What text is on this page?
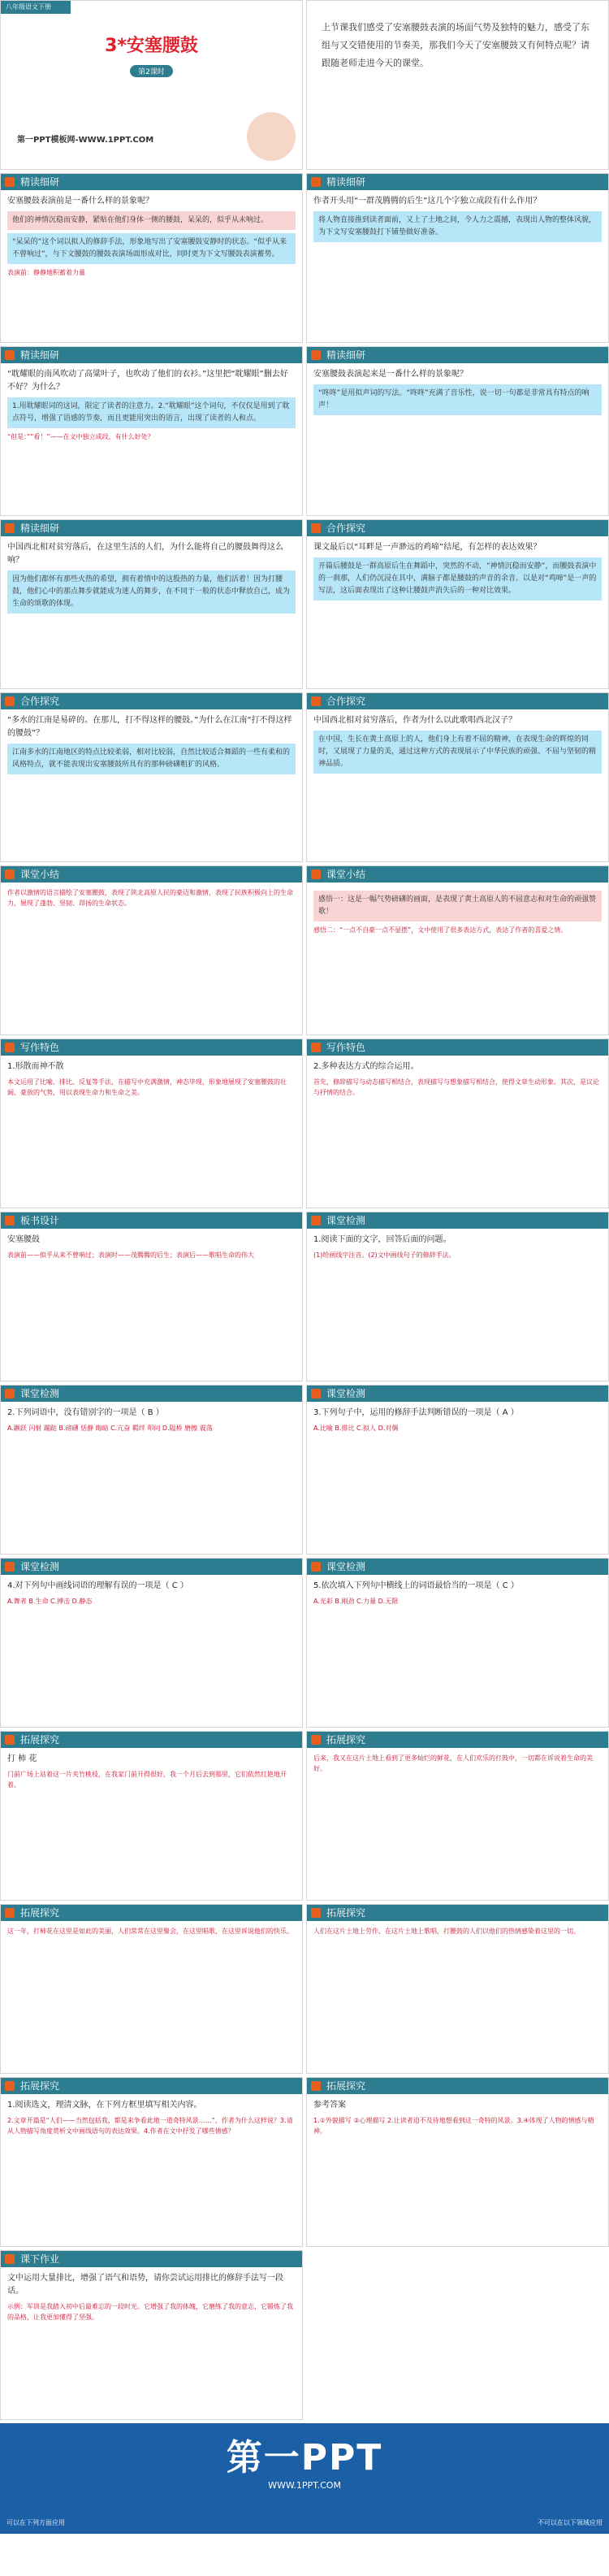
八年级语文下册
3*安塞腰鼓
第2课时
第一PPT模板网-WWW.1PPT.COM
上节课我们感受了安塞腰鼓表演的场面气势及独特的魅力，感受了东组与又交错使用的节奏美，那我们今天了安塞腰鼓又有何特点呢？请跟随老师走进今天的课堂。
精读细研
安塞腰鼓表演前是一番什么样的景象呢？
他们的神情沉稳而安静，紧贴在他们身体一侧的腰鼓，呆呆的，似乎从未响过。
“呆呆的”这个词以拟人的修辞手法，形象地写出了安塞腰鼓安静时的状态。“似乎从来不曾响过”，与下文腰鼓的腰鼓表演场面形成对比，同时更为下文写腰鼓表演蓄势。
表演前：静静地积蓄着力量
精读细研
作者开头用“一群茂腾腾的后生”这几个字独立成段有什么作用？
将人物直接推到读者面前，又上了土地之间，令人力之震撼，表现出人物的整体风貌，为下文写安塞腰鼓打下铺垫做好准备。
精读细研
“耽耀眼的南风吹动了高粱叶子，也吹动了他们的衣衫。”这里把“耽耀眼”删去好不好？为什么？
1.用耽耀眼词的这词，限定了读者的注意力。2.“耽耀眼”这个词句，不仅仅是用到了耽点符号，增强了语感的节奏，而且更能用突出的语言，出现了读者的人和点。
“但是：”“看！”——在文中独立成段，有什么好处？
精读细研
安塞腰鼓表演起来是一番什么样的景象呢？
“咚咚”是用拟声词的写法。“咚咚”充满了音乐性，说一切一句都是非常具有特点的响声！
精读细研
中国西北相对贫穷落后，在这里生活的人们，为什么能将自己的腰鼓舞得这么响？
因为他们都怀有那些火热的希望，拥有着情中的这股热的力量，他们活着！因为打腰鼓，他们心中的那点舞步就能成为迷人的舞步，在不同于一般的状态中释放自己，成为生命的颂歌的体现。
合作探究
课文最后以“耳畔是一声渺远的鸡啼”结尾，有怎样的表达效果？
开篇后腰鼓是一群高原后生在舞蹈中，突然的不动，“神情沉稳而安静”，而腰鼓表演中的一刹那，人们仍沉浸在其中，满脑子都是腰鼓的声音的余音。以是对“鸡啼”是一声的写法，这后面表现出了这种让腰鼓声消失后的一种对比效果。
合作探究
“多水的江南是易碎的。在那儿，打不得这样的腰鼓。”为什么在江南“打不得这样的腰鼓”？
江南多水的江南地区的特点比较柔弱，相对比较弱，自然比较适合舞蹈的一些有柔和的风格特点，就不能表现出安塞腰鼓所具有的那种磅礴粗犷的风格。
合作探究
中国西北相对贫穷落后，作者为什么以此歌唱西北汉子？
在中国，生长在黄土高原上的人，他们身上有着不屈的精神，在表现生命的辉煌的同时，又展现了力量的美，通过这种方式的表现展示了中华民族的顽强、不屈与坚韧的精神品质。
课堂小结
作者以激情的语言描绘了安塞腰鼓，表现了陕北高原人民的豪迈和激情，表现了民族积极向上的生命力，展现了蓬勃、坚韧、昂扬的生命状态。
课堂小结
感悟一：这是一幅气势磅礴的画面，是表现了黄土高原人的不屈意志和对生命的顽强赞歌！
感悟二：“一点不自豪一点不显摆”，文中使用了很多表达方式，表达了作者的喜爱之情。
写作特色
1.形散而神不散
本文运用了比喻、排比、反复等手法，在描写中充满激情，神态毕现，形象地展现了安塞腰鼓的壮阔、豪放的气势，用以表现生命力和生命之美。
写作特色
2.多种表达方式的综合运用。
首先，修辞描写与动态描写相结合，表现描写与想象描写相结合，使得文章生动形象。其次，是议论与抒情的结合。
板书设计
安塞腰鼓
表演前——似乎从来不曾响过；表演时——茂腾腾的后生；表演后——歌唱生命的伟大
课堂检测
1.阅读下面的文字，回答后面的问题。
(1)给画线字注音。(2)文中画线句子的修辞手法。
课堂检测
2.下列词语中，没有错别字的一项是（ B ）
A.蹶跃 闪射 蹦跶 B.磅礴 恬静 晦暗 C.亢奋 羁绊 叩问 D.隘桥 磨擦 震荡
课堂检测
3.下列句子中，运用的修辞手法判断错误的一项是（ A ）
A.比喻 B.排比 C.拟人 D.对偶
课堂检测
4.对下列句中画线词语的理解有误的一项是（ C ）
A.舞者 B.生命 C.搏击 D.静态
课堂检测
5.依次填入下列句中横线上的词语最恰当的一项是（ C ）
A.光彩 B.刚劲 C.力量 D.无限
拓展探究
打 柿 花
门前广场上站着这一片夹竹桃枝，在我家门前开得很好，我一个月后去到那里，它们依然红艳地开着。
拓展探究
后来，我又在这片土地上看到了更多灿烂的鲜花，在人们欢乐的打鼓中，一切都在诉说着生命的美好。
拓展探究
这一年，打柿花在这里是如此的美丽，人们常常在这里聚会，在这里唱歌，在这里诉说他们的快乐。
拓展探究
人们在这片土地上劳作，在这片土地上歌唱，打腰鼓的人们以他们的热情感染着这里的一切。
拓展探究
1.阅读选文，理清文脉，在下列方框里填写相关内容。
2.文章开篇是“人们——当然包括我，都是来争看此地一道奇特风景……”，作者为什么这样说？3.请从人物描写角度赏析文中画线语句的表达效果。4.作者在文中抒发了哪些情感？
拓展探究
参考答案
1.①外貌描写 ②心理描写 2.让读者迫不及待地想看到这一奇特的风景。3.④体现了人物的情感与精神。
课下作业
文中运用大量排比，增强了语气和语势，请你尝试运用排比的修辞手法写一段话。
示例：军训是我踏入初中后最难忘的一段时光。它增强了我的体魄，它磨练了我的意志，它锻炼了我的品格，让我更加懂得了坚强。
第一PPT
WWW.1PPT.COM
可以在下列方面应用	不可以在以下领域应用
